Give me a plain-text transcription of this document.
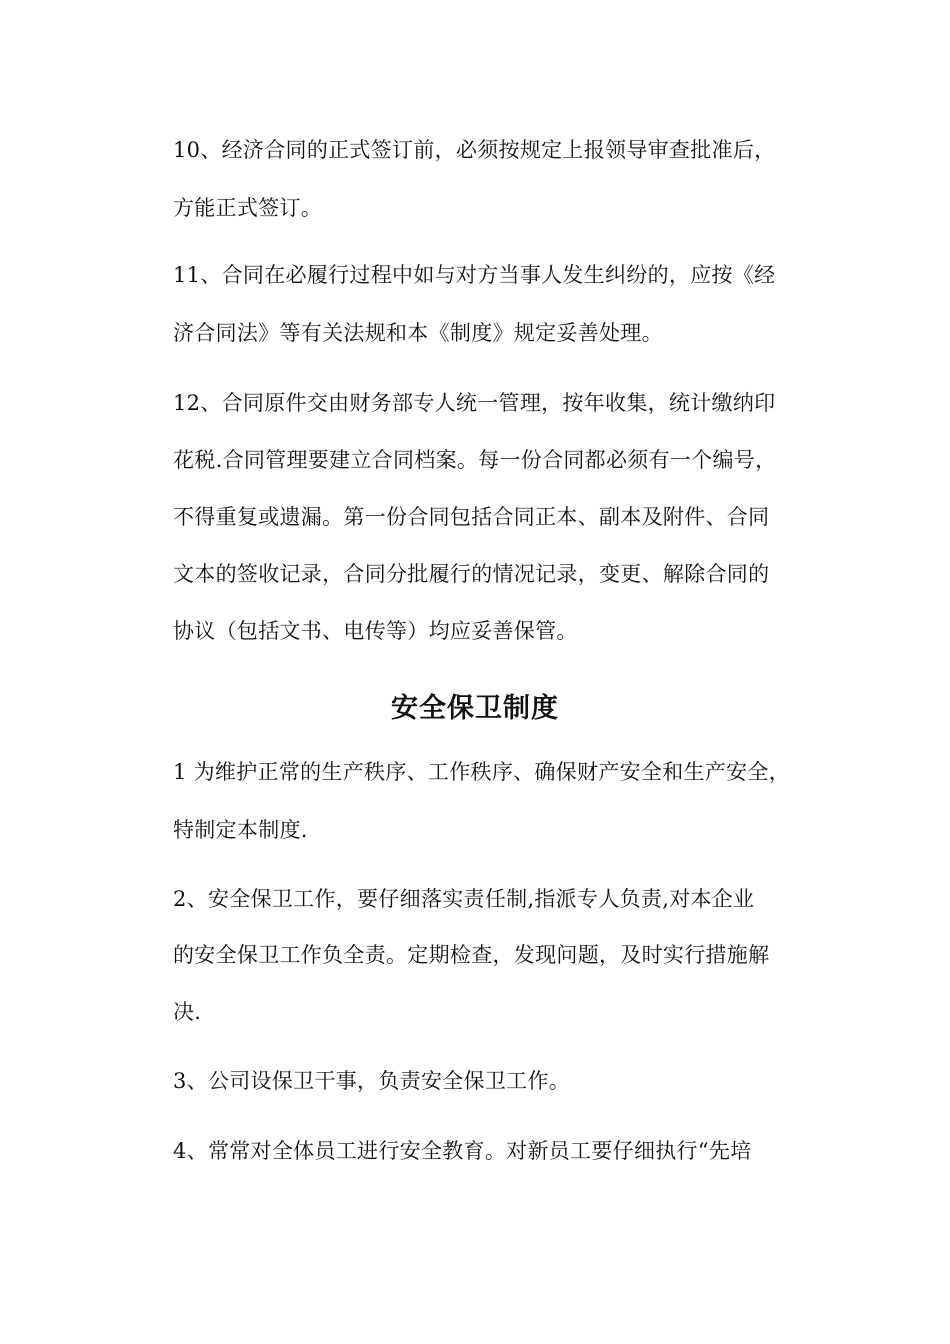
10、经济合同的正式签订前，必须按规定上报领导审查批准后，
方能正式签订。
11、合同在必履行过程中如与对方当事人发生纠纷的，应按《经
济合同法》等有关法规和本《制度》规定妥善处理。
12、合同原件交由财务部专人统一管理，按年收集，统计缴纳印
花税.合同管理要建立合同档案。每一份合同都必须有一个编号，
不得重复或遗漏。第一份合同包括合同正本、副本及附件、合同
文本的签收记录，合同分批履行的情况记录，变更、解除合同的
协议（包括文书、电传等）均应妥善保管。
安全保卫制度
1 为维护正常的生产秩序、工作秩序、确保财产安全和生产安全，
特制定本制度.
2、安全保卫工作，要仔细落实责任制,指派专人负责,对本企业
的安全保卫工作负全责。定期检查，发现问题，及时实行措施解
决.
3、公司设保卫干事，负责安全保卫工作。
4、常常对全体员工进行安全教育。对新员工要仔细执行“先培
